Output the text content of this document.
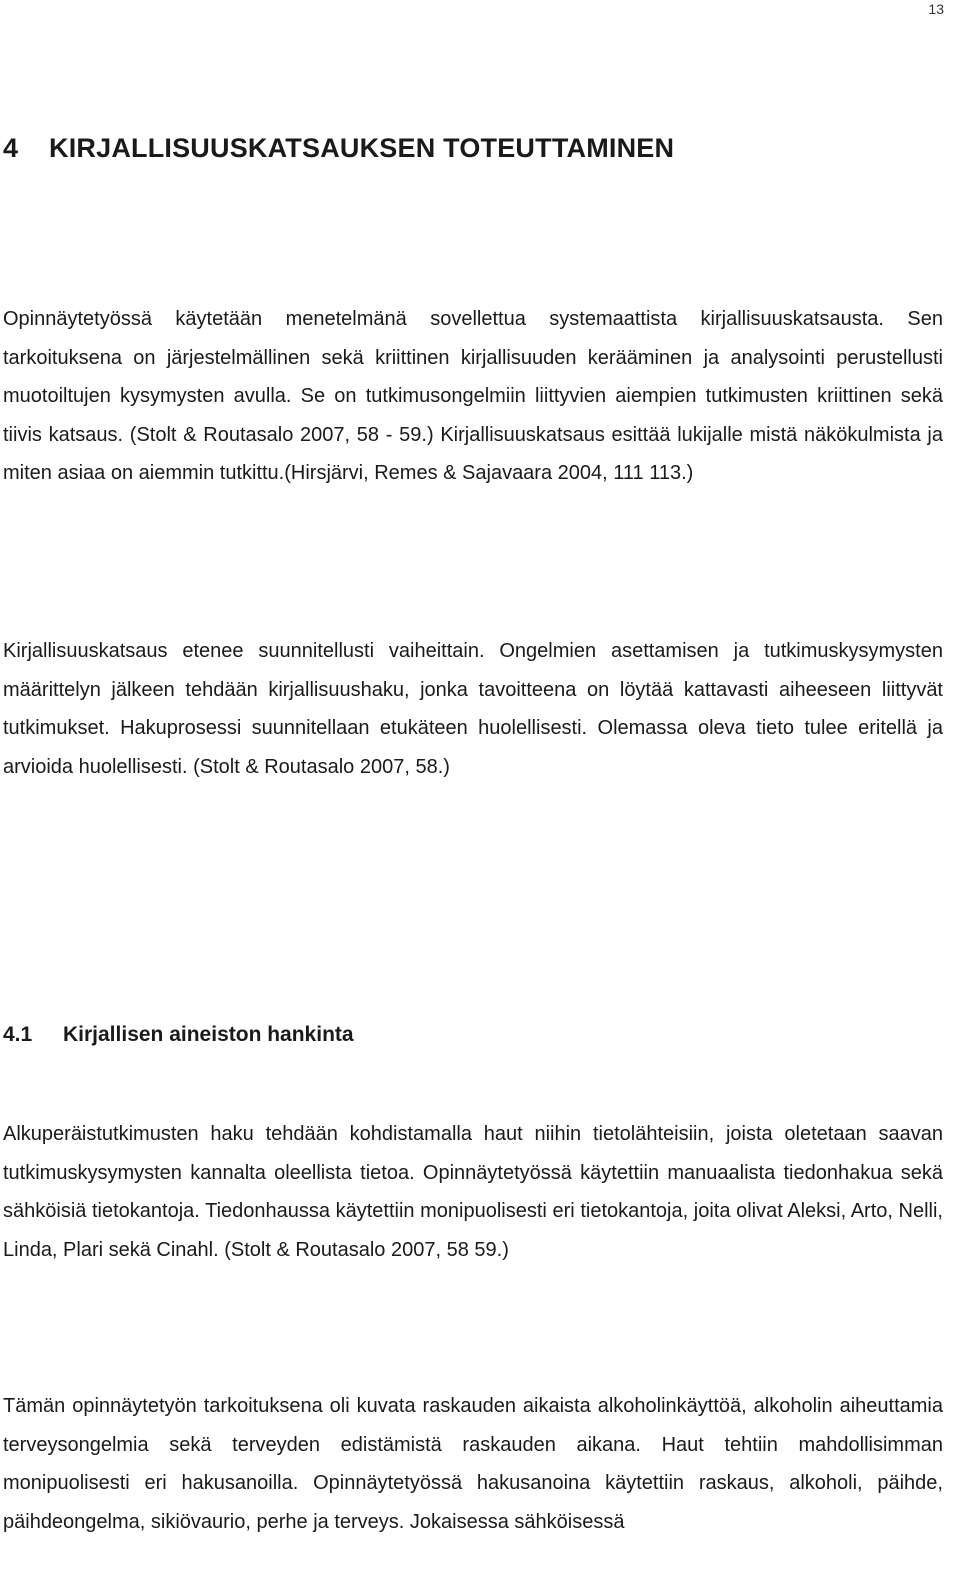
13
4 KIRJALLISUUSKATSAUKSEN TOTEUTTAMINEN

Opinnäytetyössä käytetään menetelmänä sovellettua systemaattista kirjallisuuskatsausta. Sen tarkoituksena on järjestelmällinen sekä kriittinen kirjallisuuden kerääminen ja analysointi perustellusti muotoiltujen kysymysten avulla. Se on tutkimusongelmiin liittyvien aiempien tutkimusten kriittinen sekä tiivis katsaus. (Stolt & Routasalo 2007, 58 - 59.) Kirjallisuuskatsaus esittää lukijalle mistä näkökulmista ja miten asiaa on aiemmin tutkittu.(Hirsjärvi, Remes & Sajavaara 2004, 111 113.)

Kirjallisuuskatsaus etenee suunnitellusti vaiheittain. Ongelmien asettamisen ja tutkimuskysymysten määrittelyn jälkeen tehdään kirjallisuushaku, jonka tavoitteena on löytää kattavasti aiheeseen liittyvät tutkimukset. Hakuprosessi suunnitellaan etukäteen huolellisesti. Olemassa oleva tieto tulee eritellä ja arvioida huolellisesti. (Stolt & Routasalo 2007, 58.)

4.1 Kirjallisen aineiston hankinta

Alkuperäistutkimusten haku tehdään kohdistamalla haut niihin tietolähteisiin, joista oletetaan saavan tutkimuskysymysten kannalta oleellista tietoa. Opinnäytetyössä käytettiin manuaalista tiedonhakua sekä sähköisiä tietokantoja. Tiedonhaussa käytettiin monipuolisesti eri tietokantoja, joita olivat Aleksi, Arto, Nelli, Linda, Plari sekä Cinahl. (Stolt & Routasalo 2007, 58 59.)

Tämän opinnäytetyön tarkoituksena oli kuvata raskauden aikaista alkoholinkäyttöä, alkoholin aiheuttamia terveysongelmia sekä terveyden edistämistä raskauden aikana. Haut tehtiin mahdollisimman monipuolisesti eri hakusanoilla. Opinnäytetyössä hakusanoina käytettiin raskaus, alkoholi, päihde, päihdeongelma, sikiövaurio, perhe ja terveys. Jokaisessa sähköisessä
